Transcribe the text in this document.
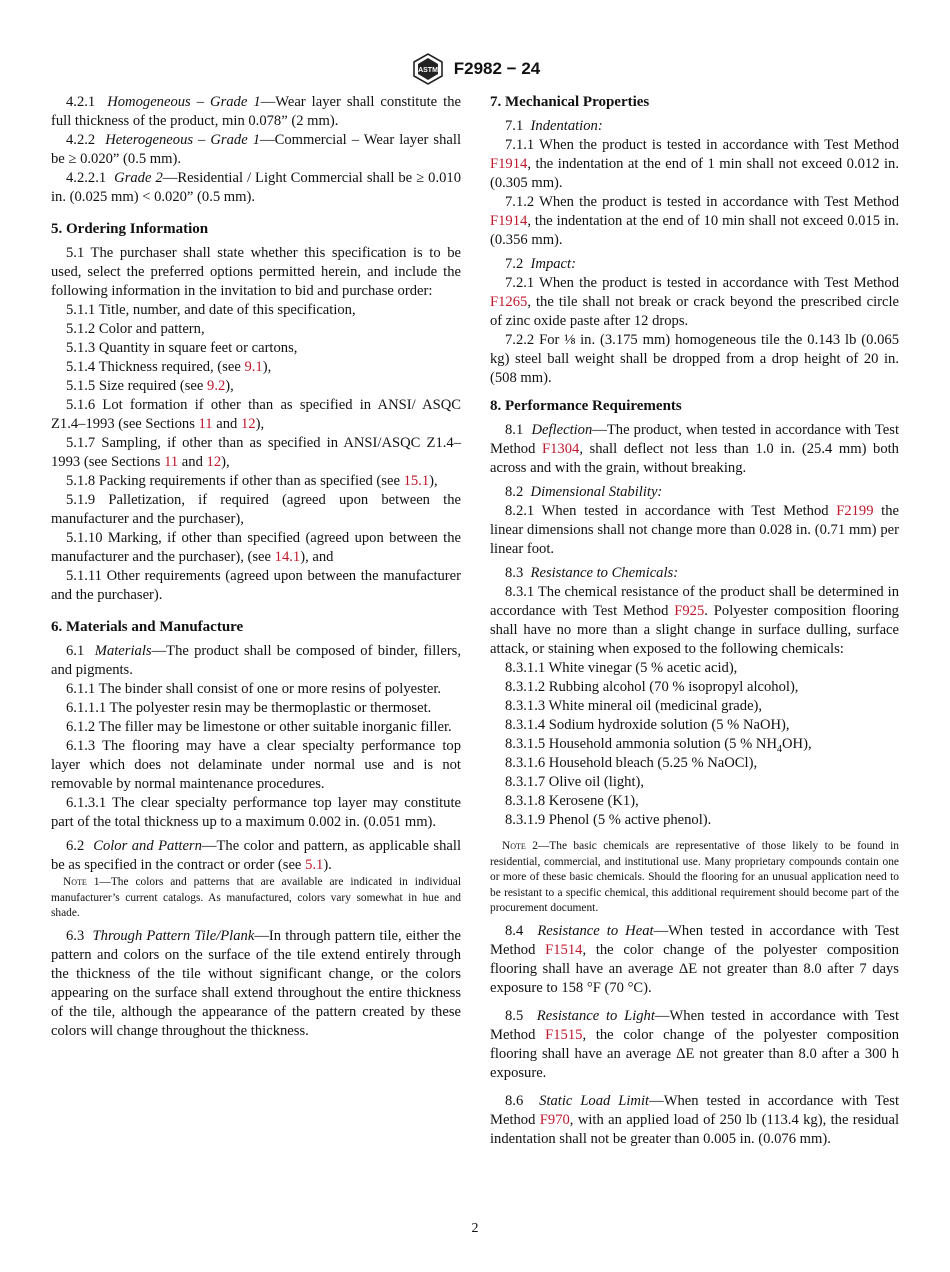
ASTM F2982 − 24

4.2.1 Homogeneous – Grade 1—Wear layer shall constitute the full thickness of the product, min 0.078” (2 mm).

4.2.2 Heterogeneous – Grade 1—Commercial – Wear layer shall be ≥ 0.020” (0.5 mm).

4.2.2.1 Grade 2—Residential / Light Commercial shall be ≥ 0.010 in. (0.025 mm) < 0.020” (0.5 mm).

5. Ordering Information

5.1 The purchaser shall state whether this specification is to be used, select the preferred options permitted herein, and include the following information in the invitation to bid and purchase order:

5.1.1 Title, number, and date of this specification,

5.1.2 Color and pattern,

5.1.3 Quantity in square feet or cartons,

5.1.4 Thickness required, (see 9.1),

5.1.5 Size required (see 9.2),

5.1.6 Lot formation if other than as specified in ANSI/ ASQC Z1.4–1993 (see Sections 11 and 12),

5.1.7 Sampling, if other than as specified in ANSI/ASQC Z1.4–1993 (see Sections 11 and 12),

5.1.8 Packing requirements if other than as specified (see 15.1),

5.1.9 Palletization, if required (agreed upon between the manufacturer and the purchaser),

5.1.10 Marking, if other than specified (agreed upon between the manufacturer and the purchaser), (see 14.1), and

5.1.11 Other requirements (agreed upon between the manufacturer and the purchaser).

6. Materials and Manufacture

6.1 Materials—The product shall be composed of binder, fillers, and pigments.

6.1.1 The binder shall consist of one or more resins of polyester.

6.1.1.1 The polyester resin may be thermoplastic or thermoset.

6.1.2 The filler may be limestone or other suitable inorganic filler.

6.1.3 The flooring may have a clear specialty performance top layer which does not delaminate under normal use and is not removable by normal maintenance procedures.

6.1.3.1 The clear specialty performance top layer may constitute part of the total thickness up to a maximum 0.002 in. (0.051 mm).

6.2 Color and Pattern—The color and pattern, as applicable shall be as specified in the contract or order (see 5.1).

Note 1—The colors and patterns that are available are indicated in individual manufacturer’s current catalogs. As manufactured, colors vary somewhat in hue and shade.

6.3 Through Pattern Tile/Plank—In through pattern tile, either the pattern and colors on the surface of the tile extend entirely through the thickness of the tile without significant change, or the colors appearing on the surface shall extend throughout the entire thickness of the tile, although the appearance of the pattern created by these colors will change throughout the thickness.

7. Mechanical Properties

7.1 Indentation:

7.1.1 When the product is tested in accordance with Test Method F1914, the indentation at the end of 1 min shall not exceed 0.012 in. (0.305 mm).

7.1.2 When the product is tested in accordance with Test Method F1914, the indentation at the end of 10 min shall not exceed 0.015 in. (0.356 mm).

7.2 Impact:

7.2.1 When the product is tested in accordance with Test Method F1265, the tile shall not break or crack beyond the prescribed circle of zinc oxide paste after 12 drops.

7.2.2 For ⅛ in. (3.175 mm) homogeneous tile the 0.143 lb (0.065 kg) steel ball weight shall be dropped from a drop height of 20 in. (508 mm).

8. Performance Requirements

8.1 Deflection—The product, when tested in accordance with Test Method F1304, shall deflect not less than 1.0 in. (25.4 mm) both across and with the grain, without breaking.

8.2 Dimensional Stability:

8.2.1 When tested in accordance with Test Method F2199 the linear dimensions shall not change more than 0.028 in. (0.71 mm) per linear foot.

8.3 Resistance to Chemicals:

8.3.1 The chemical resistance of the product shall be determined in accordance with Test Method F925. Polyester composition flooring shall have no more than a slight change in surface dulling, surface attack, or staining when exposed to the following chemicals:

8.3.1.1 White vinegar (5 % acetic acid),

8.3.1.2 Rubbing alcohol (70 % isopropyl alcohol),

8.3.1.3 White mineral oil (medicinal grade),

8.3.1.4 Sodium hydroxide solution (5 % NaOH),

8.3.1.5 Household ammonia solution (5 % $NH_4OH$),

8.3.1.6 Household bleach (5.25 % NaOCl),

8.3.1.7 Olive oil (light),

8.3.1.8 Kerosene (K1),

8.3.1.9 Phenol (5 % active phenol).

Note 2—The basic chemicals are representative of those likely to be found in residential, commercial, and institutional use. Many proprietary compounds contain one or more of these basic chemicals. Should the flooring for an unusual application need to be resistant to a specific chemical, this additional requirement should become part of the procurement document.

8.4 Resistance to Heat—When tested in accordance with Test Method F1514, the color change of the polyester composition flooring shall have an average ΔE not greater than 8.0 after 7 days exposure to 158 °F (70 °C).

8.5 Resistance to Light—When tested in accordance with Test Method F1515, the color change of the polyester composition flooring shall have an average ΔE not greater than 8.0 after a 300 h exposure.

8.6 Static Load Limit—When tested in accordance with Test Method F970, with an applied load of 250 lb (113.4 kg), the residual indentation shall not be greater than 0.005 in. (0.076 mm).

2
